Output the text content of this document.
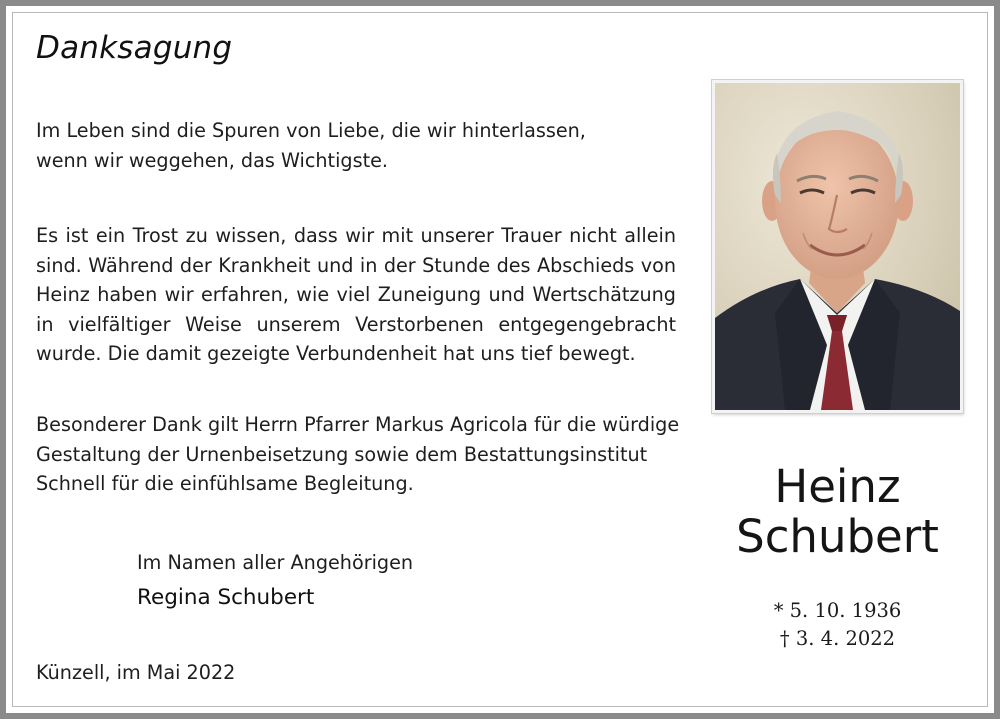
Danksagung

Im Leben sind die Spuren von Liebe, die wir hinterlassen,
wenn wir weggehen, das Wichtigste.

Es ist ein Trost zu wissen, dass wir mit unserer Trauer nicht allein
sind. Während der Krankheit und in der Stunde des Abschieds von
Heinz haben wir erfahren, wie viel Zuneigung und Wertschätzung
in vielfältiger Weise unserem Verstorbenen entgegengebracht
wurde. Die damit gezeigte Verbundenheit hat uns tief bewegt.

Besonderer Dank gilt Herrn Pfarrer Markus Agricola für die würdige
Gestaltung der Urnenbeisetzung sowie dem Bestattungsinstitut
Schnell für die einfühlsame Begleitung.

Im Namen aller Angehörigen

Regina Schubert

Künzell, im Mai 2022

Heinz
Schubert
* 5. 10. 1936
† 3. 4. 2022
